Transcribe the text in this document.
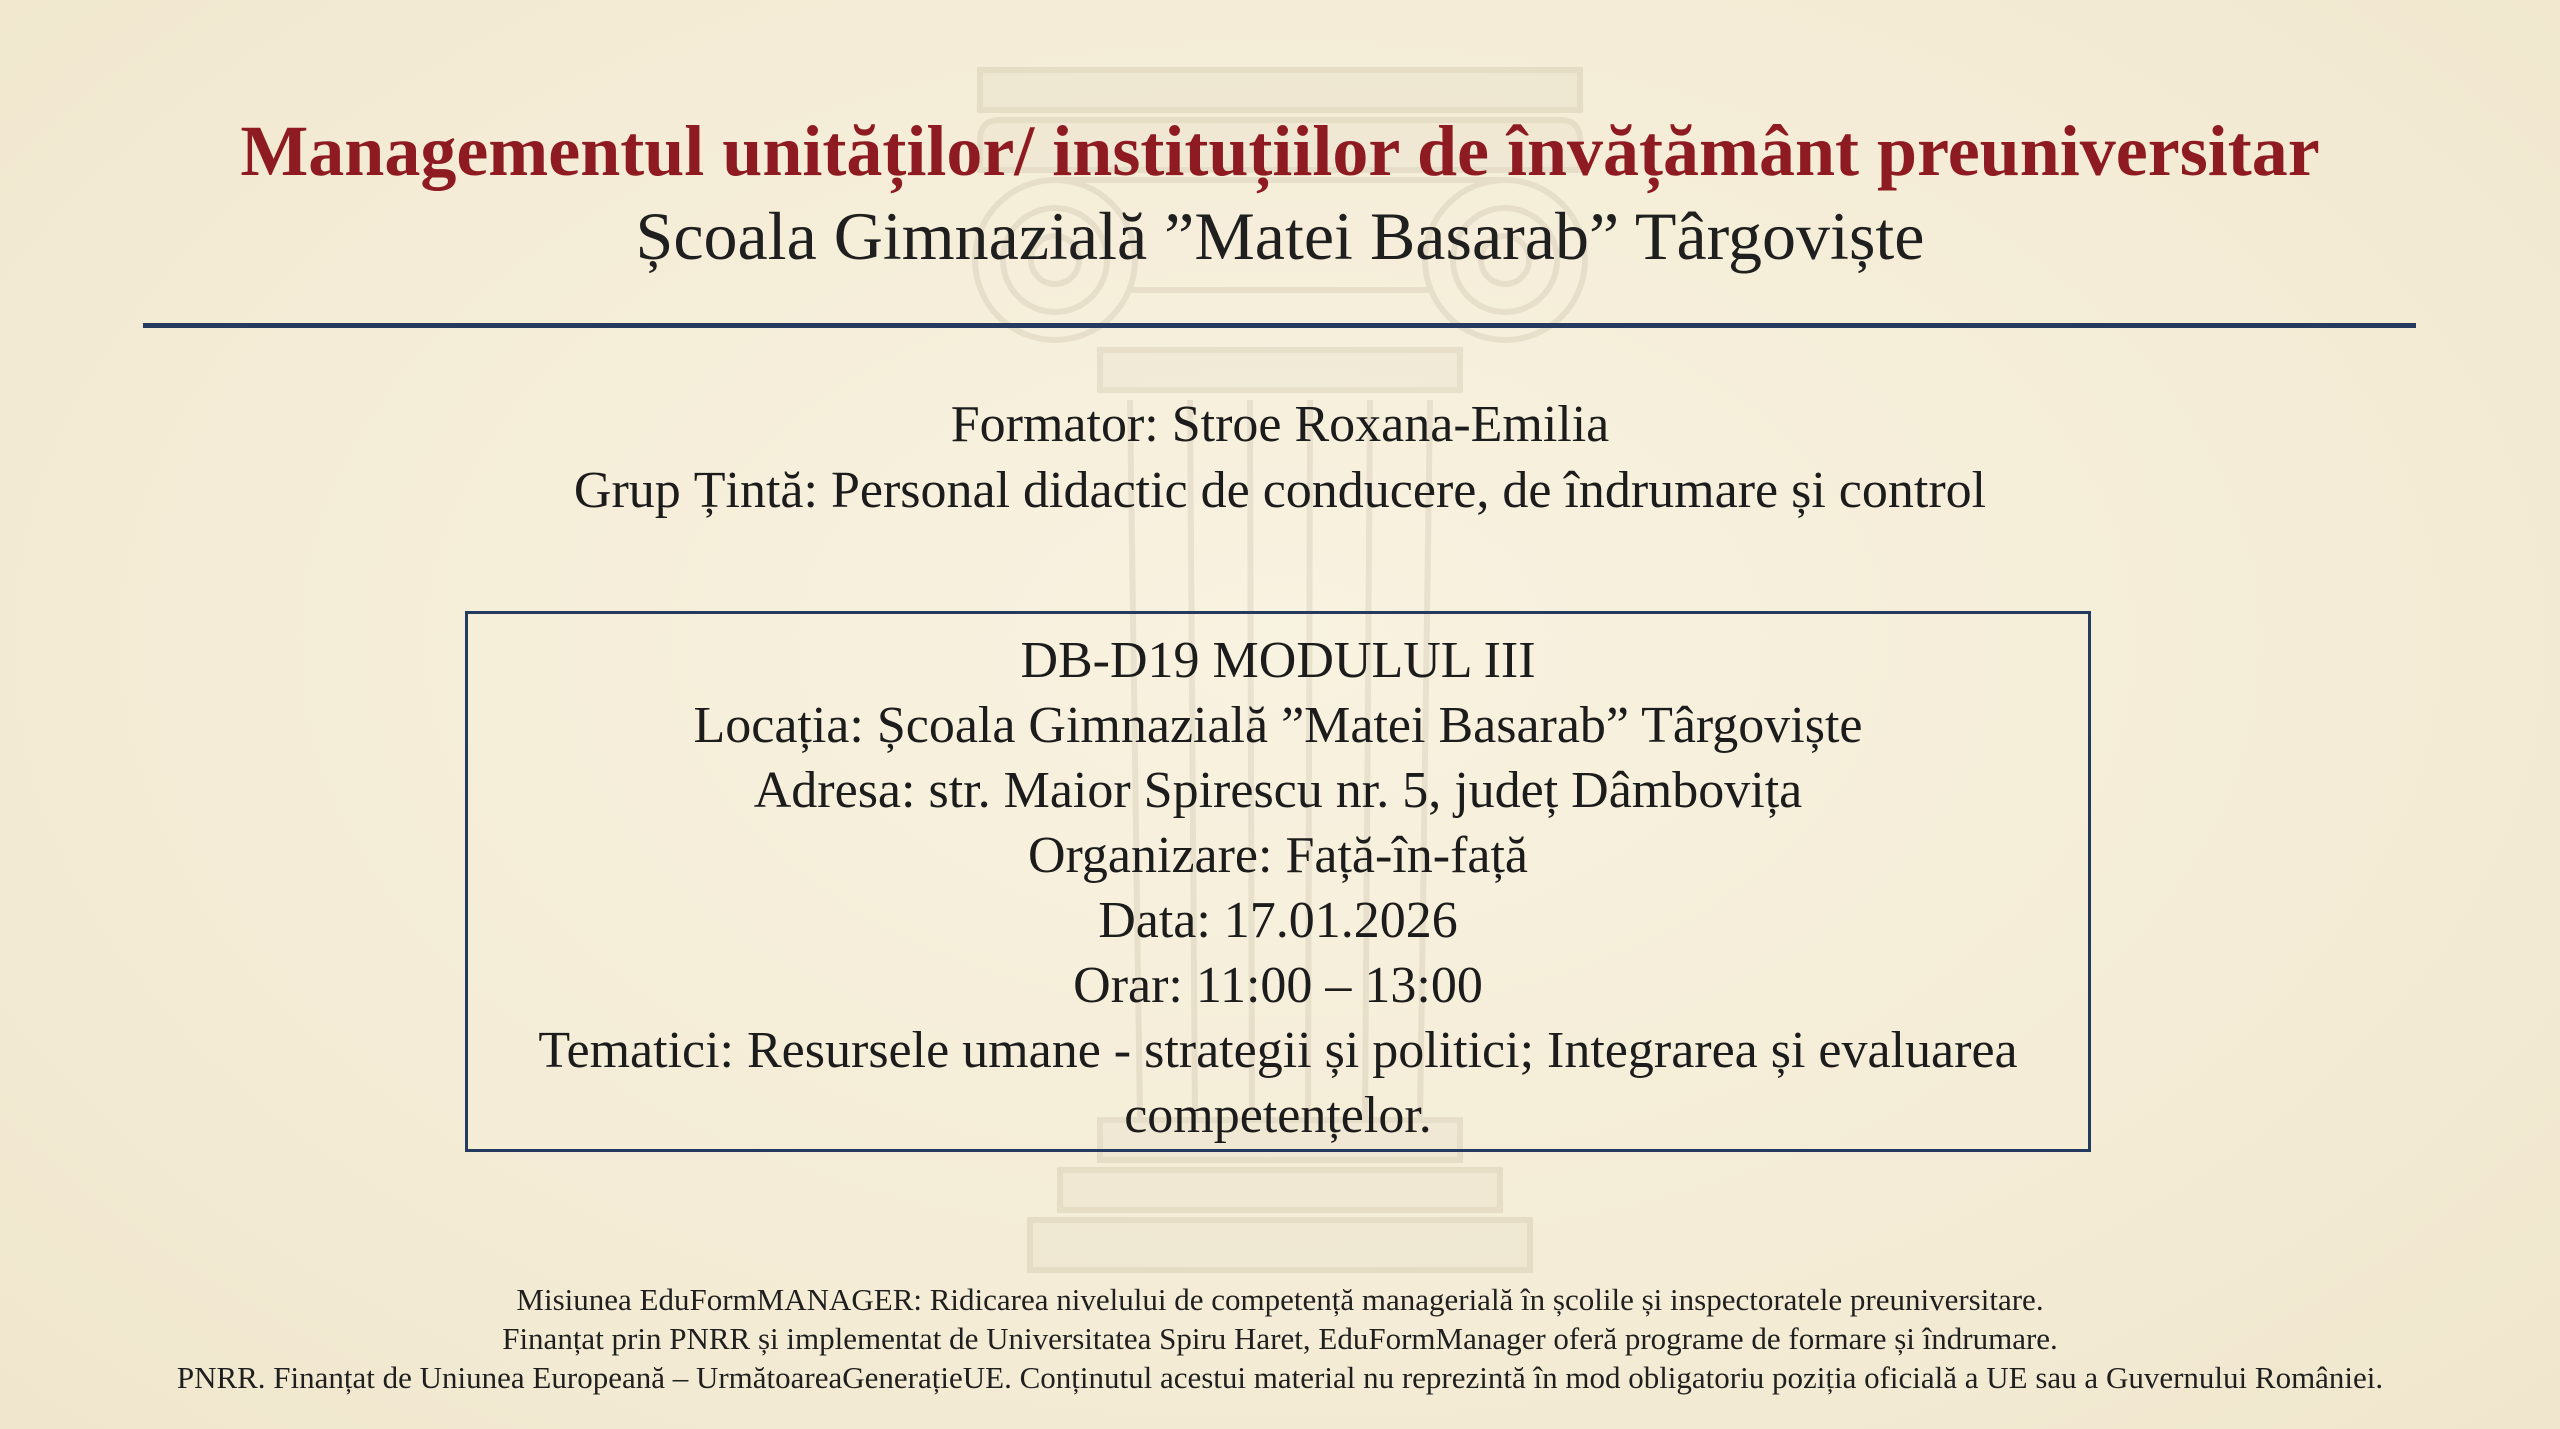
Managementul unităților/ instituțiilor de învățământ preuniversitar
Școala Gimnazială ”Matei Basarab” Târgoviște
Formator: Stroe Roxana-Emilia
Grup Țintă: Personal didactic de conducere, de îndrumare și control
DB-D19 MODULUL III
Locația: Școala Gimnazială ”Matei Basarab” Târgoviște
Adresa: str. Maior Spirescu nr. 5, județ Dâmbovița
Organizare: Față-în-față
Data: 17.01.2026
Orar: 11:00 – 13:00
Tematici: Resursele umane - strategii și politici; Integrarea și evaluarea
competențelor.
Misiunea EduFormMANAGER: Ridicarea nivelului de competență managerială în școlile și inspectoratele preuniversitare.
Finanțat prin PNRR și implementat de Universitatea Spiru Haret, EduFormManager oferă programe de formare și îndrumare.
PNRR. Finanțat de Uniunea Europeană – UrmătoareaGenerațieUE. Conținutul acestui material nu reprezintă în mod obligatoriu poziția oficială a UE sau a Guvernului României.
